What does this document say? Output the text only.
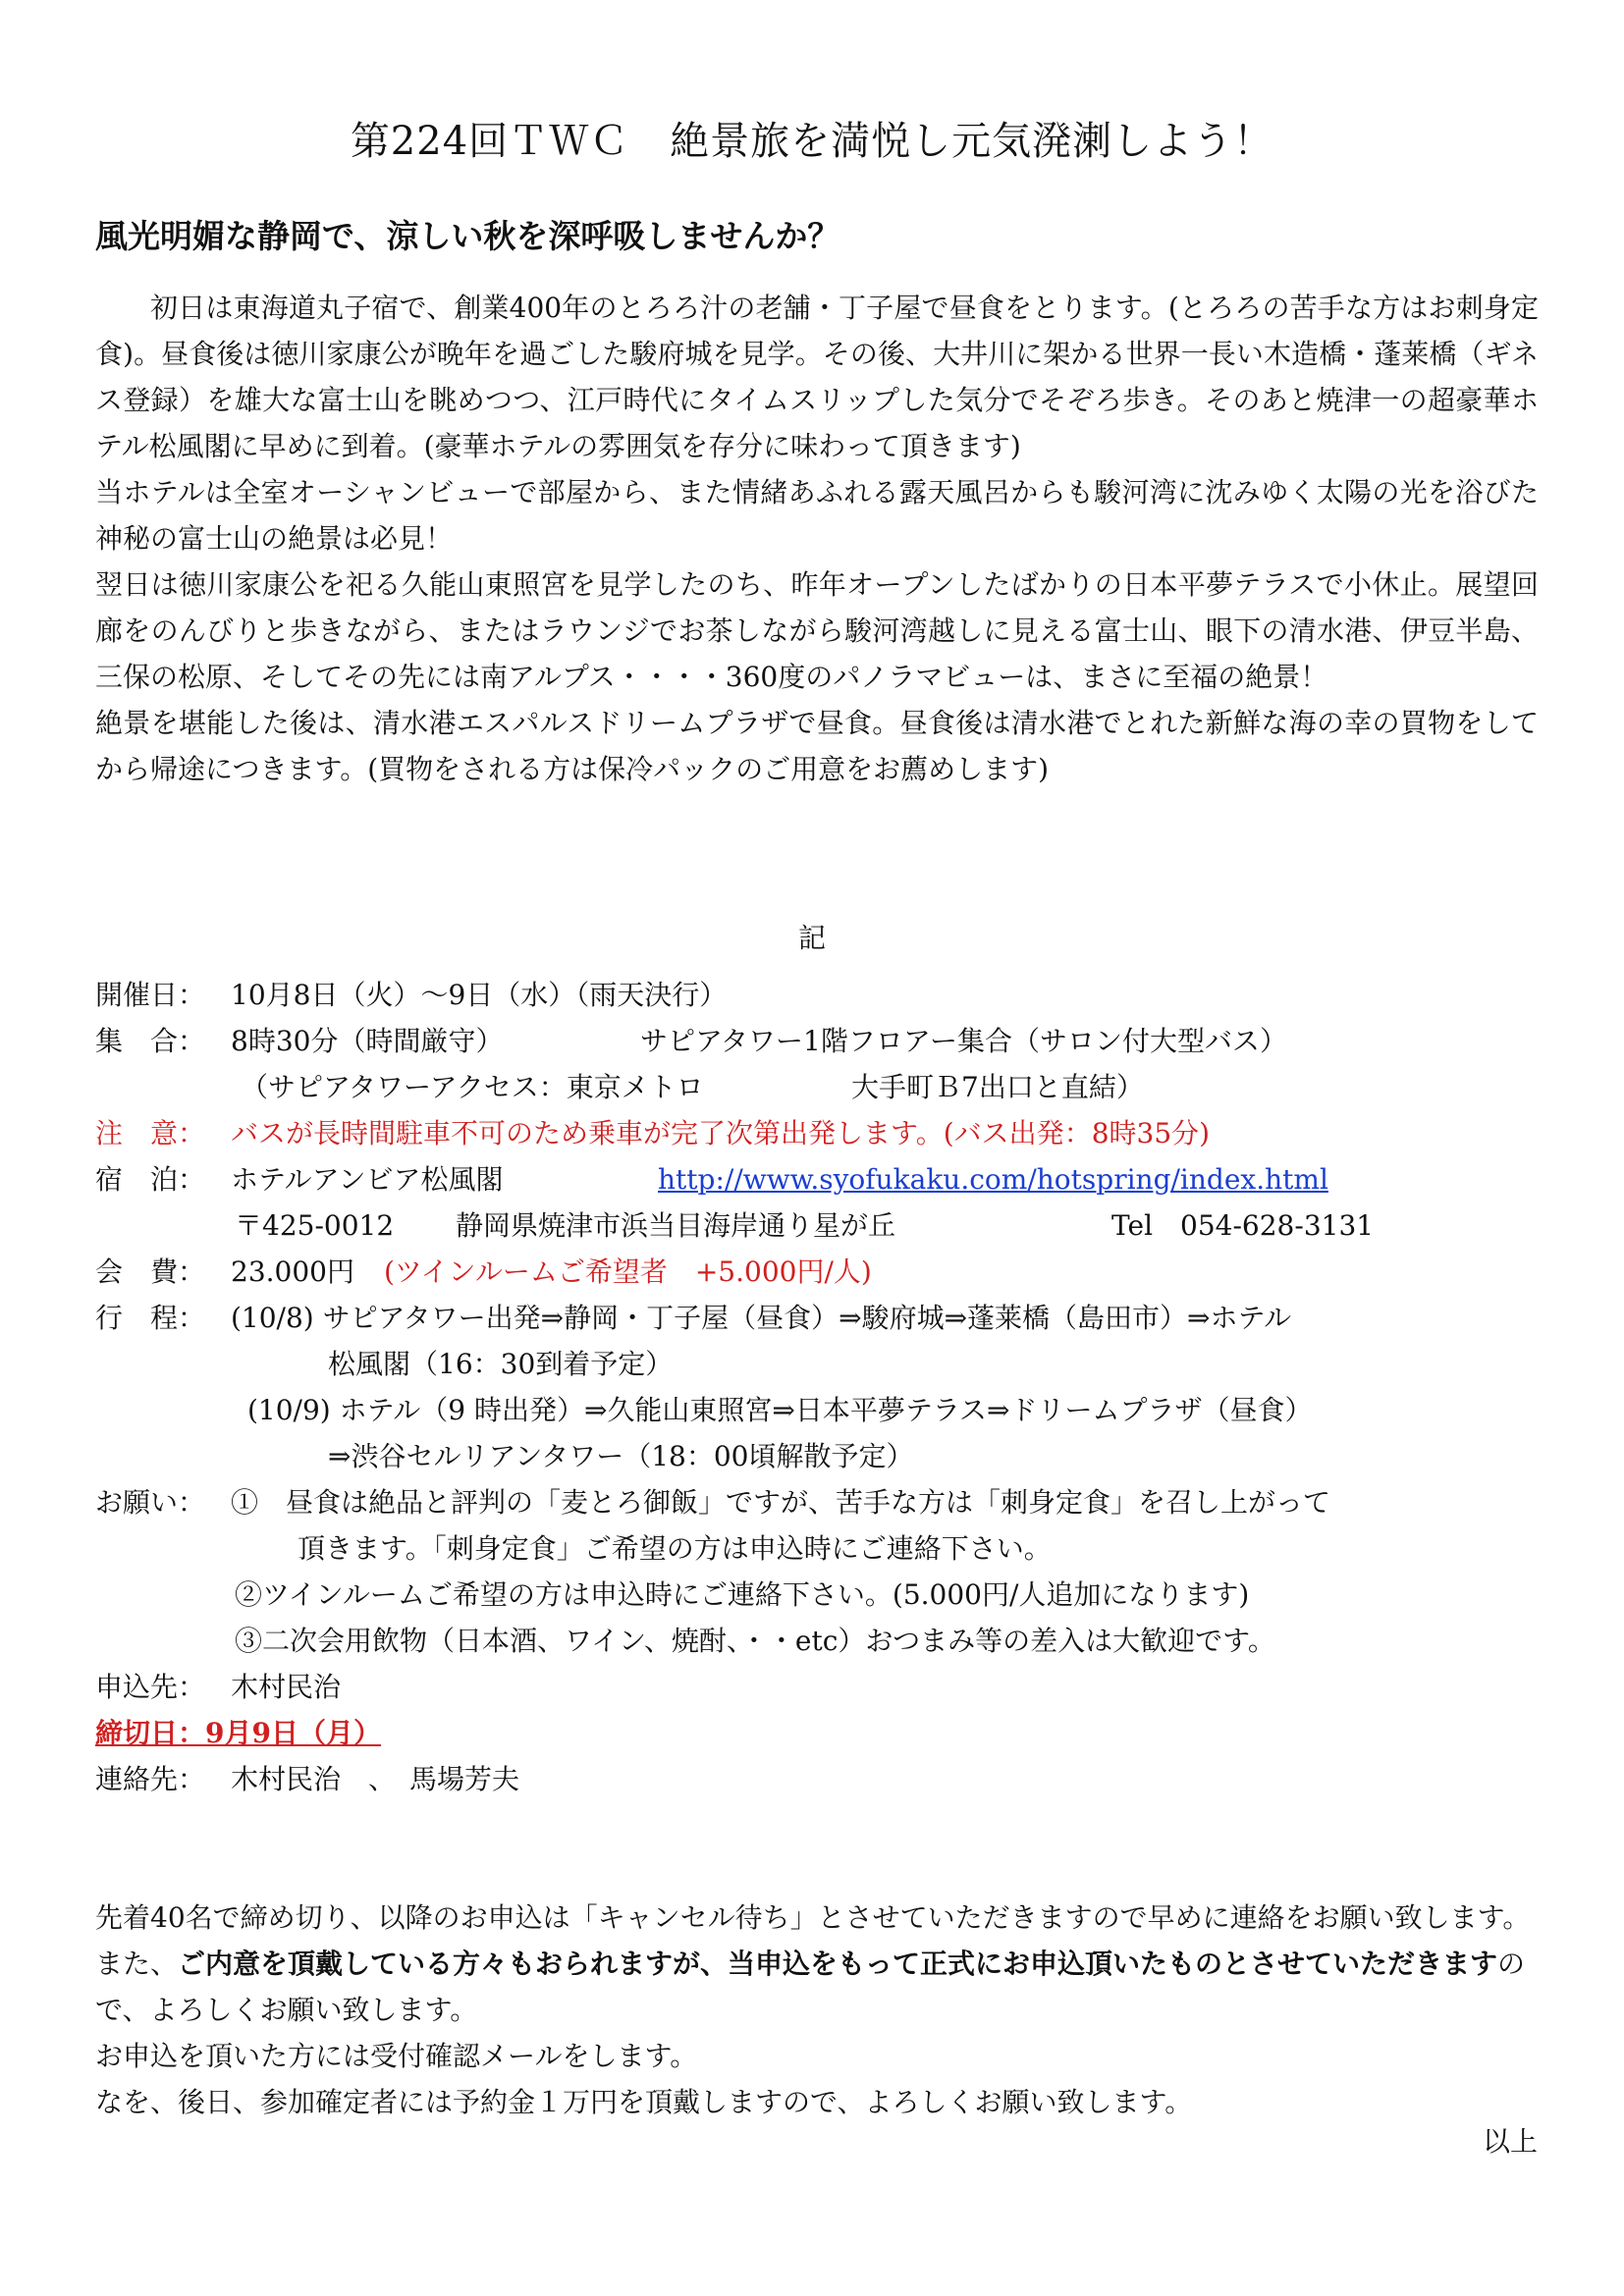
第224回ＴＷＣ　絶景旅を満悦し元気溌溂しよう！
風光明媚な静岡で、涼しい秋を深呼吸しませんか？

初日は東海道丸子宿で、創業400年のとろろ汁の老舗・丁子屋で昼食をとります。(とろろの苦手な方はお刺身定食)。昼食後は徳川家康公が晩年を過ごした駿府城を見学。その後、大井川に架かる世界一長い木造橋・蓬莱橋（ギネス登録）を雄大な富士山を眺めつつ、江戸時代にタイムスリップした気分でそぞろ歩き。そのあと焼津一の超豪華ホテル松風閣に早めに到着。(豪華ホテルの雰囲気を存分に味わって頂きます)

当ホテルは全室オーシャンビューで部屋から、また情緒あふれる露天風呂からも駿河湾に沈みゆく太陽の光を浴びた神秘の富士山の絶景は必見！

翌日は徳川家康公を祀る久能山東照宮を見学したのち、昨年オープンしたばかりの日本平夢テラスで小休止。展望回廊をのんびりと歩きながら、またはラウンジでお茶しながら駿河湾越しに見える富士山、眼下の清水港、伊豆半島、三保の松原、そしてその先には南アルプス・・・・360度のパノラマビューは、まさに至福の絶景！

絶景を堪能した後は、清水港エスパルスドリームプラザで昼食。昼食後は清水港でとれた新鮮な海の幸の買物をしてから帰途につきます。(買物をされる方は保冷パックのご用意をお薦めします)

記
開催日： 10月8日（火）～9日（水）（雨天決行）
集　合： 8時30分（時間厳守）	サピアタワー1階フロアー集合（サロン付大型バス）
（サピアタワーアクセス：東京メトロ	大手町Ｂ7出口と直結）
注　意： バスが長時間駐車不可のため乗車が完了次第出発します。(バス出発：8時35分)
宿　泊： ホテルアンビア松風閣	http://www.syofukaku.com/hotspring/index.html
〒425-0012 静岡県焼津市浜当目海岸通り星が丘	Tel　054-628-3131
会　費： 23.000円 (ツインルームご希望者　+5.000円/人)
行　程： (10/8) サピアタワー出発⇒静岡・丁子屋（昼食）⇒駿府城⇒蓬莱橋（島田市）⇒ホテル
松風閣（16：30到着予定）
(10/9) ホテル（9 時出発）⇒久能山東照宮⇒日本平夢テラス⇒ドリームプラザ（昼食）
⇒渋谷セルリアンタワー（18：00頃解散予定）
お願い： ①　昼食は絶品と評判の「麦とろ御飯」ですが、苦手な方は「刺身定食」を召し上がって
頂きます。「刺身定食」ご希望の方は申込時にご連絡下さい。
②ツインルームご希望の方は申込時にご連絡下さい。(5.000円/人追加になります)
③二次会用飲物（日本酒、ワイン、焼酎、・・etc）おつまみ等の差入は大歓迎です。
申込先： 木村民治
締切日：9月9日（月）
連絡先： 木村民治　、　馬場芳夫

先着40名で締め切り、以降のお申込は「キャンセル待ち」とさせていただきますので早めに連絡をお願い致します。また、ご内意を頂戴している方々もおられますが、当申込をもって正式にお申込頂いたものとさせていただきますので、よろしくお願い致します。

お申込を頂いた方には受付確認メールをします。

なを、後日、参加確定者には予約金１万円を頂戴しますので、よろしくお願い致します。

以上
